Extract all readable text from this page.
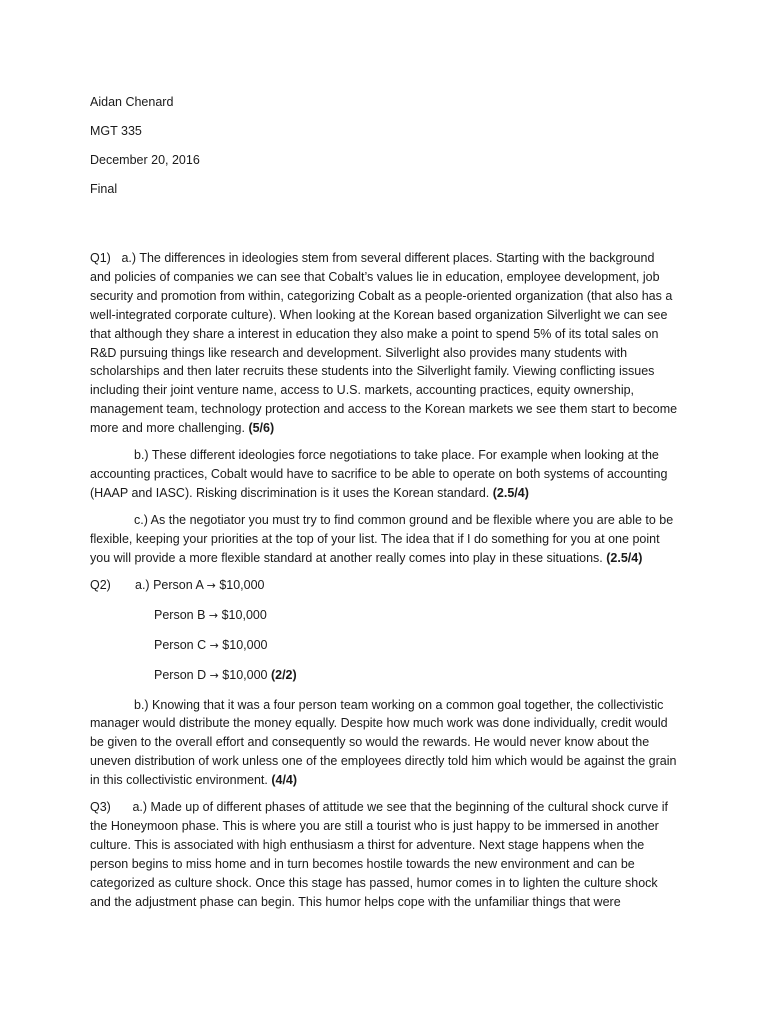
Aidan Chenard
MGT 335
December 20, 2016
Final

Q1) a.) The differences in ideologies stem from several different places. Starting with the background and policies of companies we can see that Cobalt’s values lie in education, employee development, job security and promotion from within, categorizing Cobalt as a people-oriented organization (that also has a well-integrated corporate culture). When looking at the Korean based organization Silverlight we can see that although they share a interest in education they also make a point to spend 5% of its total sales on R&D pursuing things like research and development. Silverlight also provides many students with scholarships and then later recruits these students into the Silverlight family. Viewing conflicting issues including their joint venture name, access to U.S. markets, accounting practices, equity ownership, management team, technology protection and access to the Korean markets we see them start to become more and more challenging. (5/6)

b.) These different ideologies force negotiations to take place. For example when looking at the accounting practices, Cobalt would have to sacrifice to be able to operate on both systems of accounting (HAAP and IASC). Risking discrimination is it uses the Korean standard. (2.5/4)

c.) As the negotiator you must try to find common ground and be flexible where you are able to be flexible, keeping your priorities at the top of your list. The idea that if I do something for you at one point you will provide a more flexible standard at another really comes into play in these situations. (2.5/4)

Q2) a.) Person A → $10,000
Person B → $10,000
Person C → $10,000
Person D → $10,000 (2/2)

b.) Knowing that it was a four person team working on a common goal together, the collectivistic manager would distribute the money equally. Despite how much work was done individually, credit would be given to the overall effort and consequently so would the rewards. He would never know about the uneven distribution of work unless one of the employees directly told him which would be against the grain in this collectivistic environment. (4/4)

Q3) a.) Made up of different phases of attitude we see that the beginning of the cultural shock curve if the Honeymoon phase. This is where you are still a tourist who is just happy to be immersed in another culture. This is associated with high enthusiasm a thirst for adventure. Next stage happens when the person begins to miss home and in turn becomes hostile towards the new environment and can be categorized as culture shock. Once this stage has passed, humor comes in to lighten the culture shock and the adjustment phase can begin. This humor helps cope with the unfamiliar things that were
